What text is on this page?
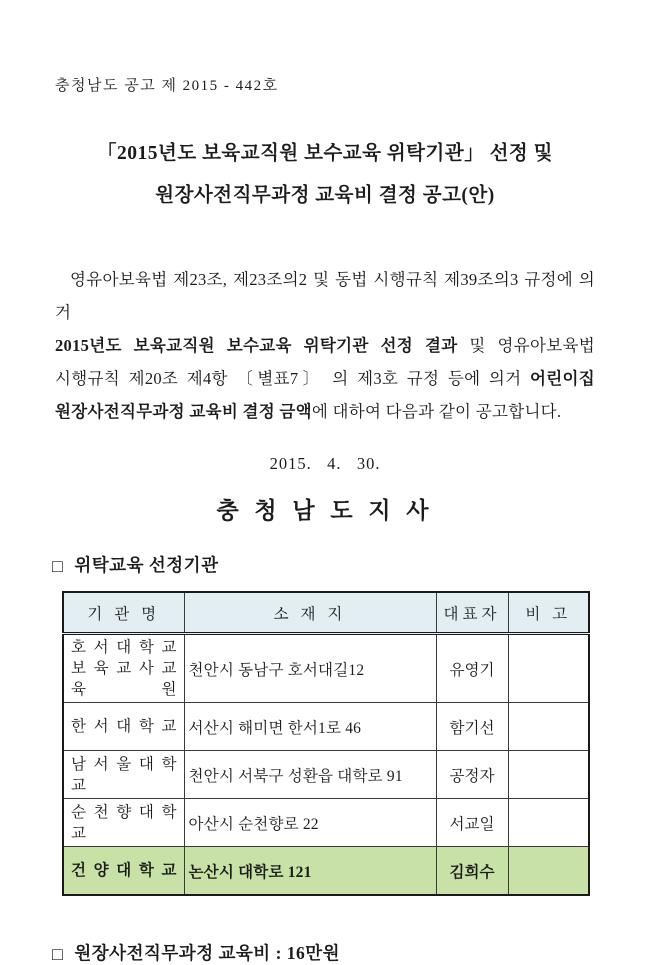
충청남도 공고 제 2015 - 442호
「2015년도 보육교직원 보수교육 위탁기관」 선정 및
원장사전직무과정 교육비 결정 공고(안)
영유아보육법 제23조, 제23조의2 및 동법 시행규칙 제39조의3 규정에 의거
2015년도 보육교직원 보수교육 위탁기관 선정 결과 및 영유아보육법
시행규칙 제20조 제4항 〔별표7〕 의 제3호 규정 등에 의거 어린이집
원장사전직무과정 교육비 결정 금액에 대하여 다음과 같이 공고합니다.
2015.   4.   30.
충 청 남 도 지 사
□ 위탁교육 선정기관
기 관 명	소 재 지	대표자	비 고

호 서 대 학 교
보 육 교 사 교 육 원	천안시 동남구 호서대길12	유영기	

한 서 대 학 교	서산시 해미면 한서1로 46	함기선	

남 서 울 대 학 교	천안시 서북구 성환읍 대학로 91	공정자	

순 천 향 대 학 교	아산시 순천향로 22	서교일	

건 양 대 학 교	논산시 대학로 121	김희수	
□ 원장사전직무과정 교육비 : 16만원
